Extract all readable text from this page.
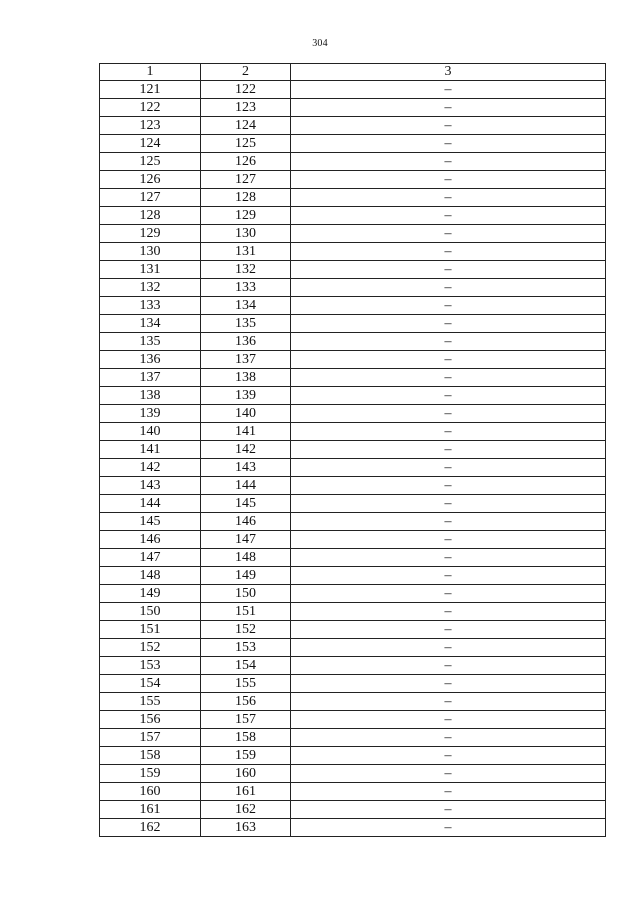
304
1	2	3
121	122	–
122	123	–
123	124	–
124	125	–
125	126	–
126	127	–
127	128	–
128	129	–
129	130	–
130	131	–
131	132	–
132	133	–
133	134	–
134	135	–
135	136	–
136	137	–
137	138	–
138	139	–
139	140	–
140	141	–
141	142	–
142	143	–
143	144	–
144	145	–
145	146	–
146	147	–
147	148	–
148	149	–
149	150	–
150	151	–
151	152	–
152	153	–
153	154	–
154	155	–
155	156	–
156	157	–
157	158	–
158	159	–
159	160	–
160	161	–
161	162	–
162	163	–
